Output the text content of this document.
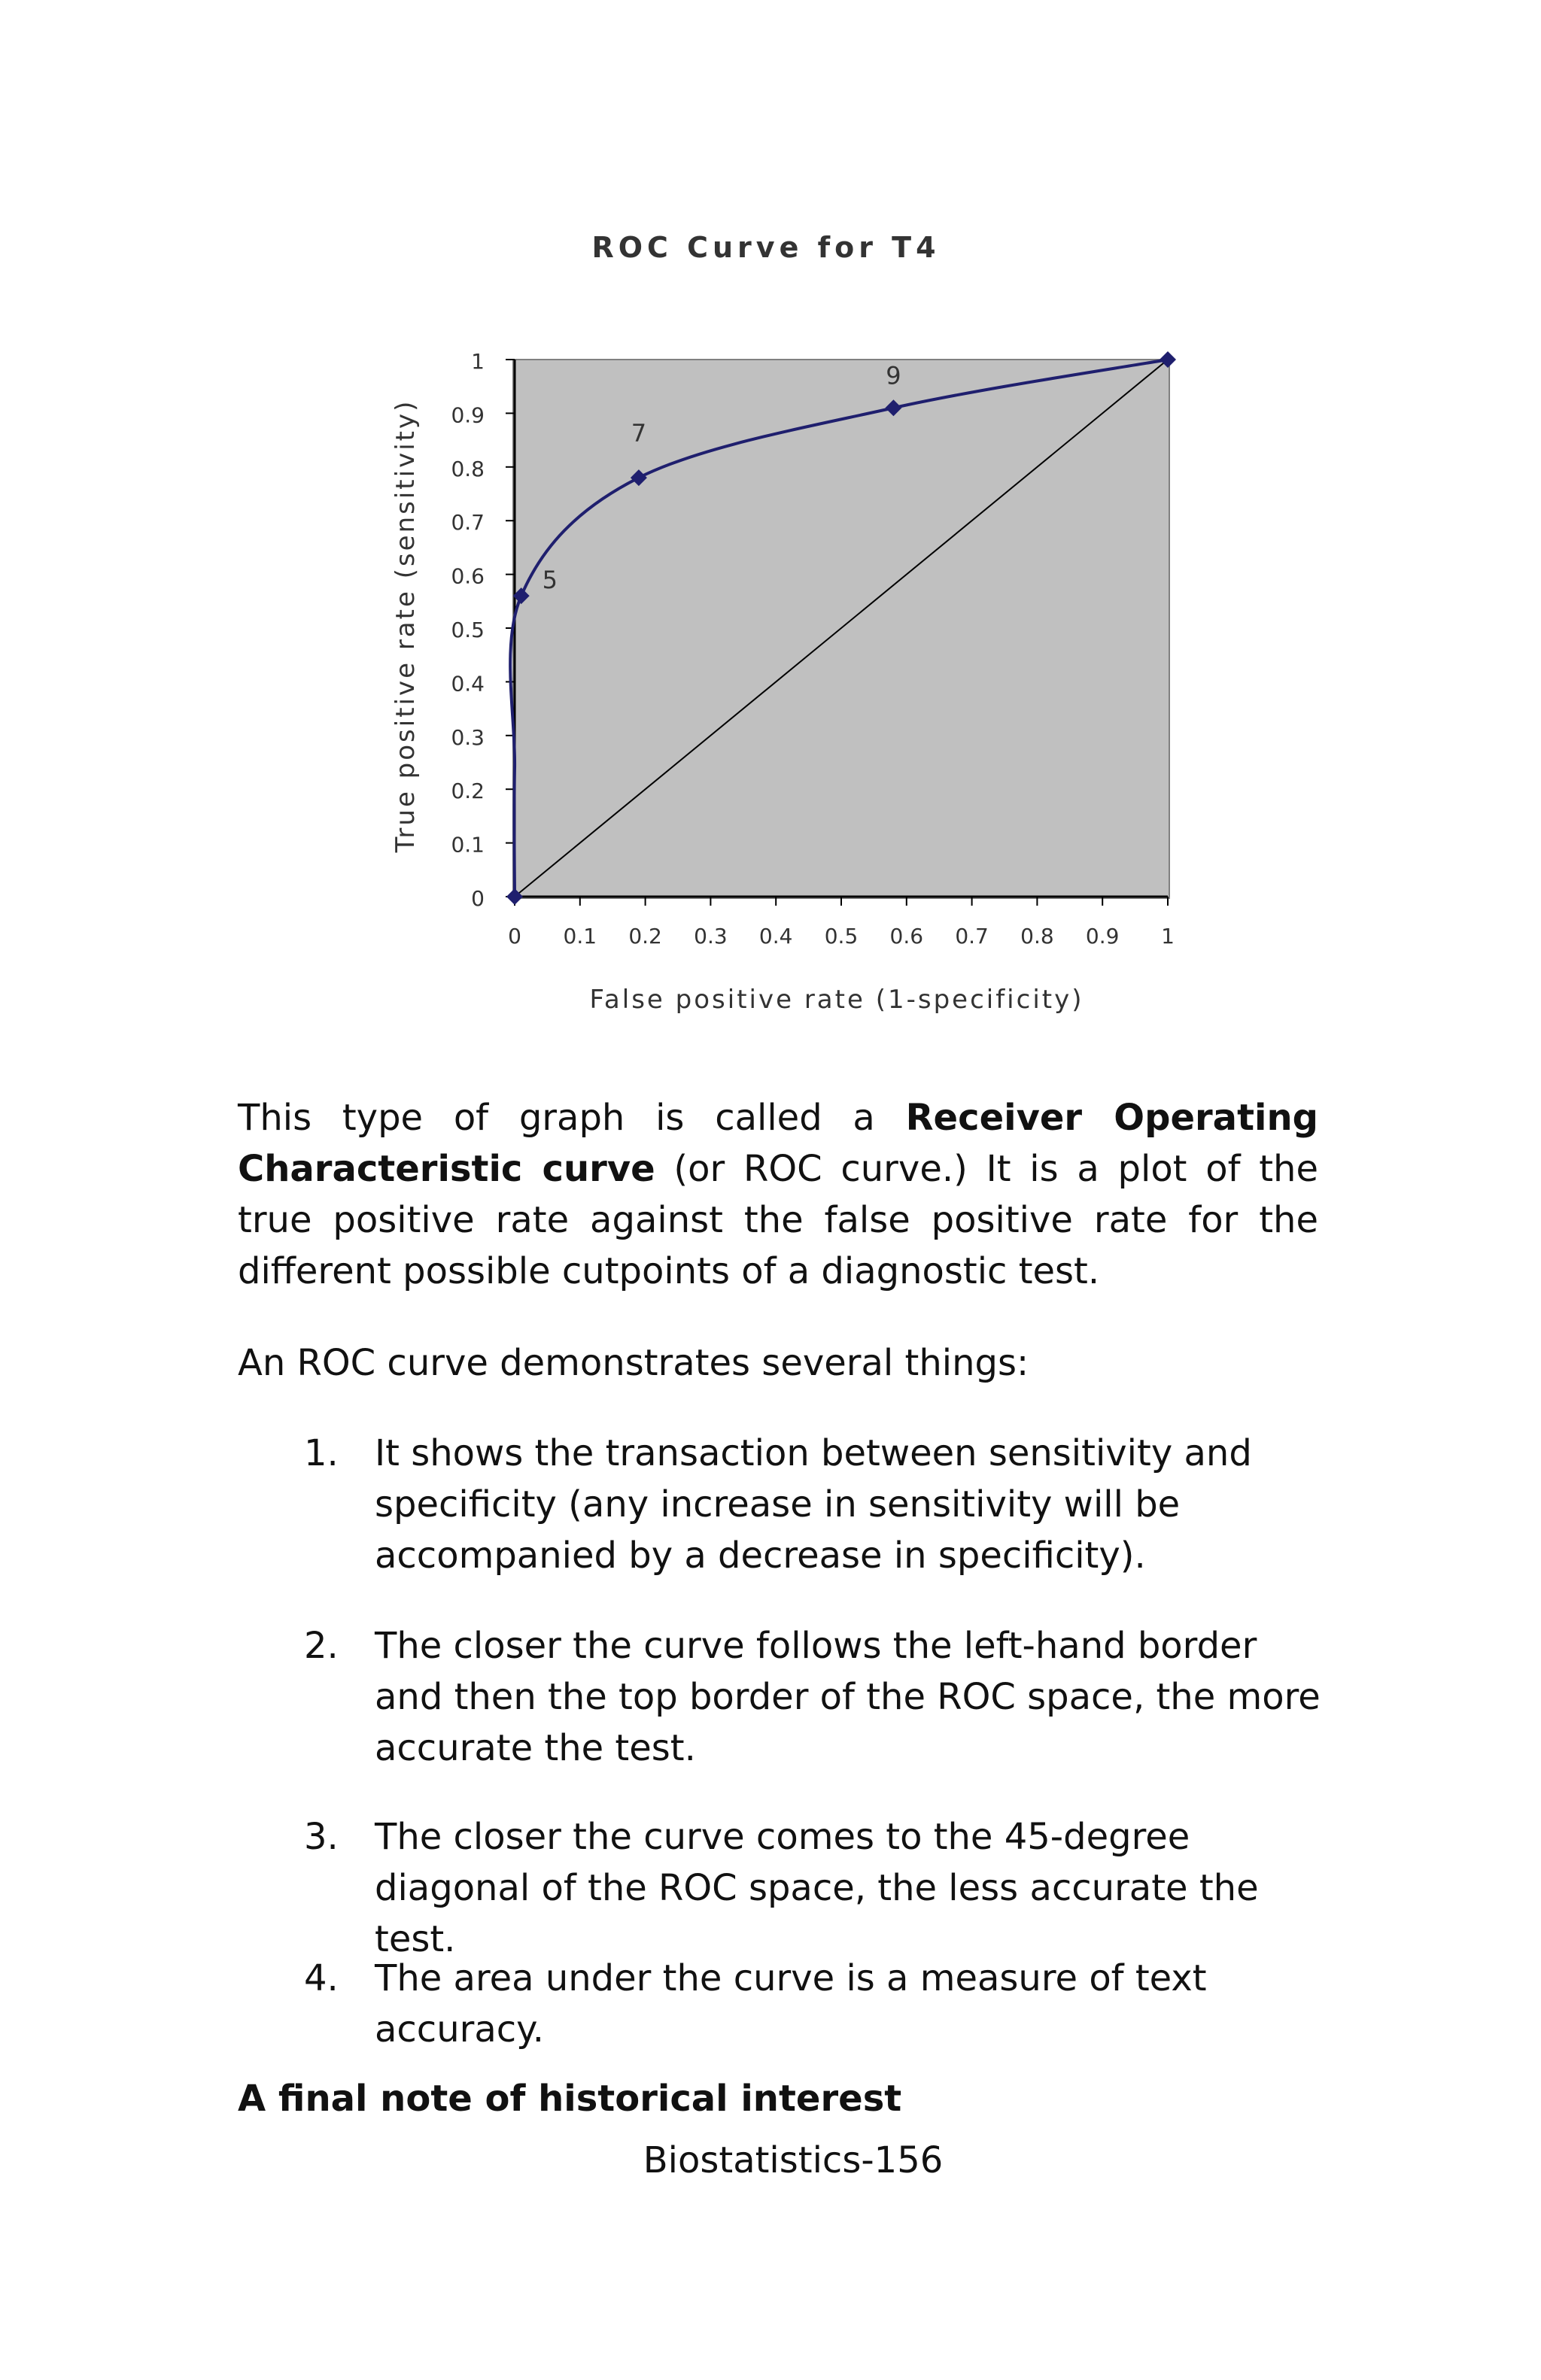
ROC Curve for T4
0
0.1
0.2
0.3
0.4
0.5
0.6
0.7
0.8
0.9
1
0 0.1 0.2 0.3 0.4 0.5 0.6 0.7 0.8 0.9 1
5
7
9
False positive rate (1-specificity)
True positive rate (sensitivity)

This type of graph is called a Receiver Operating Characteristic curve (or ROC curve.) It is a plot of the true positive rate against the false positive rate for the different possible cutpoints of a diagnostic test.

An ROC curve demonstrates several things:

1.	It shows the transaction between sensitivity and specificity (any increase in sensitivity will be accompanied by a decrease in specificity).
2.	The closer the curve follows the left-hand border and then the top border of the ROC space, the more accurate the test.
3.	The closer the curve comes to the 45-degree diagonal of the ROC space, the less accurate the test.
4.	The area under the curve is a measure of text accuracy.

A final note of historical interest

Biostatistics-156
